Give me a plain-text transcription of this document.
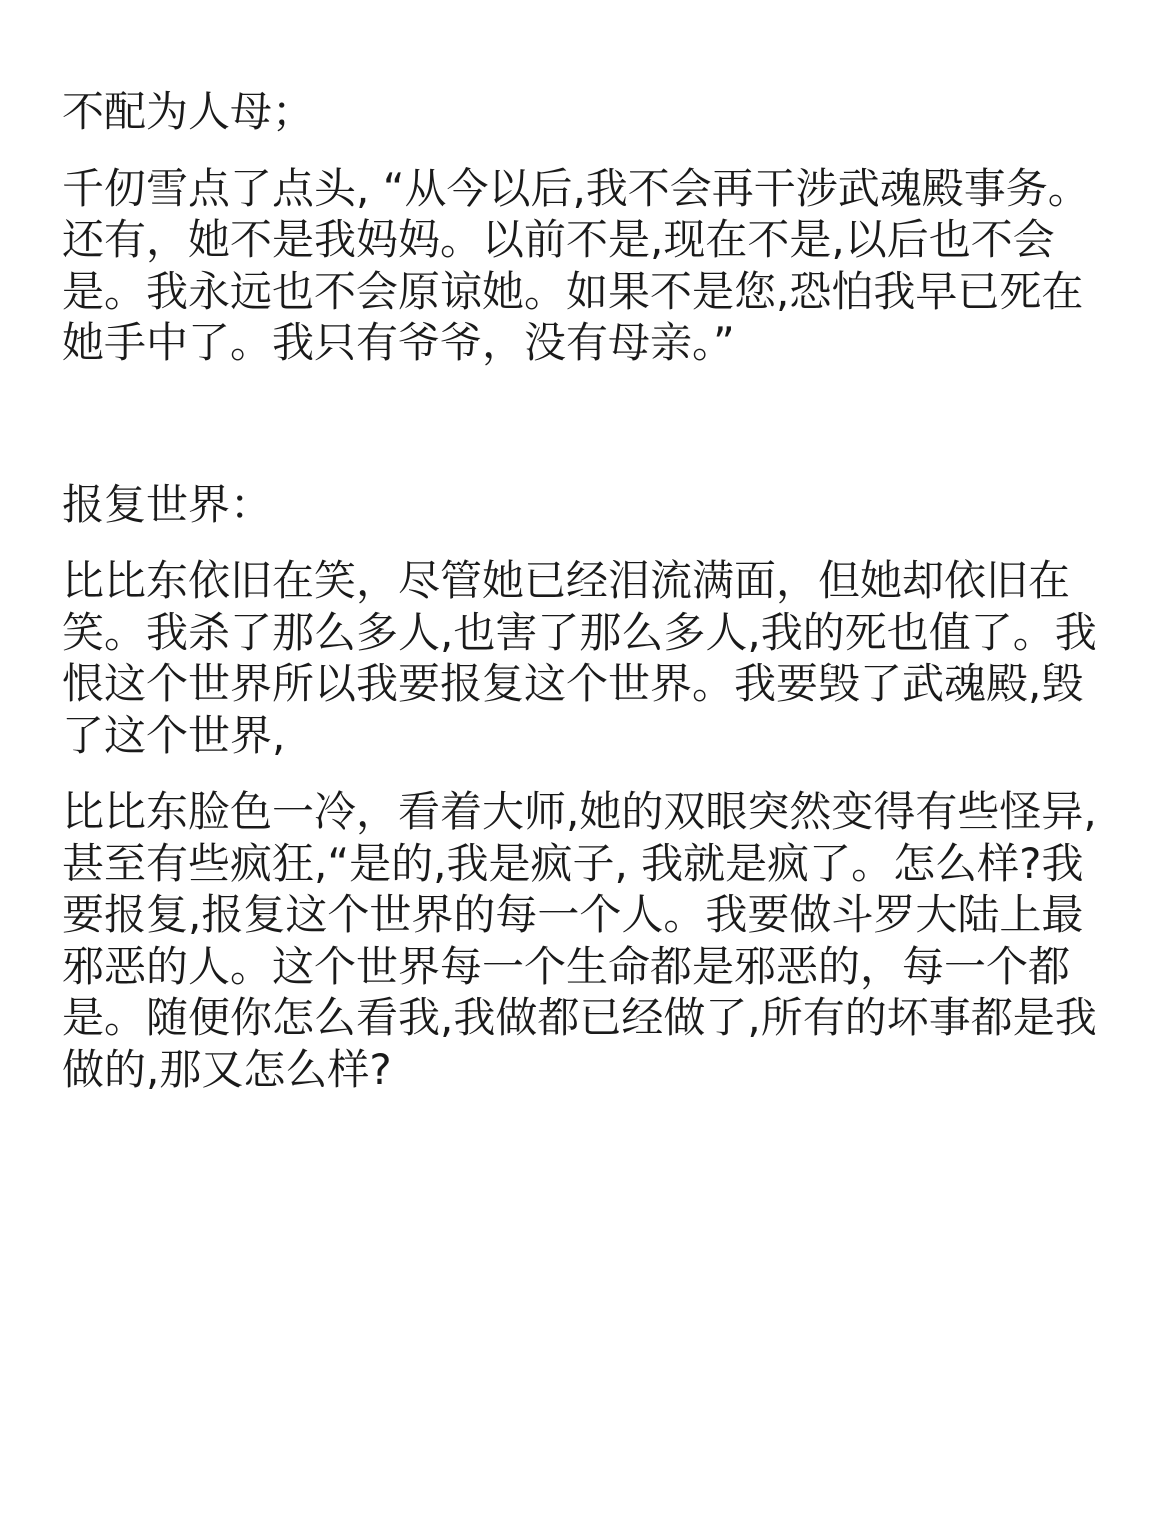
不配为人母；

千仞雪点了点头, “从今以后,我不会再干涉武魂殿事务。还有，她不是我妈妈。以前不是,现在不是,以后也不会是。我永远也不会原谅她。如果不是您,恐怕我早已死在她手中了。我只有爷爷，没有母亲。”

报复世界：

比比东依旧在笑，尽管她已经泪流满面，但她却依旧在笑。我杀了那么多人,也害了那么多人,我的死也值了。我恨这个世界所以我要报复这个世界。我要毁了武魂殿,毁了这个世界,

比比东脸色一冷，看着大师,她的双眼突然变得有些怪异,甚至有些疯狂,“是的,我是疯子, 我就是疯了。怎么样?我要报复,报复这个世界的每一个人。我要做斗罗大陆上最邪恶的人。这个世界每一个生命都是邪恶的，每一个都是。随便你怎么看我,我做都已经做了,所有的坏事都是我做的,那又怎么样?
